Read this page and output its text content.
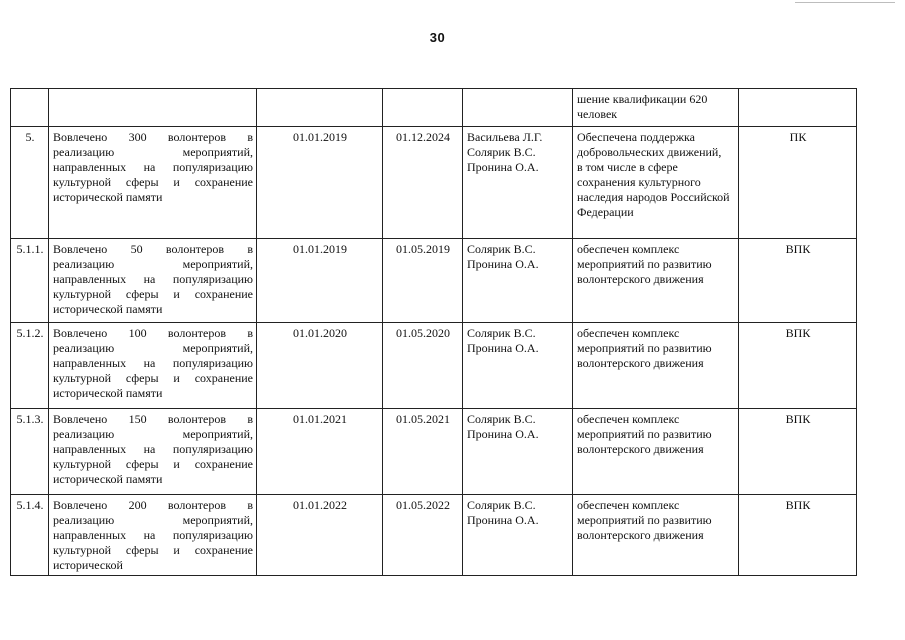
30

					шение квалификации 620
человек	

5.	Вовлечено 300 волонтеров в реализацию мероприятий, направленных на популяризацию культурной сферы и сохранение исторической памяти	01.01.2019	01.12.2024	Васильева Л.Г.
Солярик В.С.
Пронина О.А.	Обеспечена поддержка добровольческих движений,
в том числе в сфере сохранения культурного наследия народов Российской Федерации	ПК
5.1.1.	Вовлечено 50 волонтеров в реализацию мероприятий, направленных на популяризацию культурной сферы и сохранение исторической памяти	01.01.2019	01.05.2019	Солярик В.С.
Пронина О.А.	обеспечен комплекс мероприятий по развитию волонтерского движения	ВПК
5.1.2.	Вовлечено 100 волонтеров в реализацию мероприятий, направленных на популяризацию культурной сферы и сохранение исторической памяти	01.01.2020	01.05.2020	Солярик В.С.
Пронина О.А.	обеспечен комплекс мероприятий по развитию волонтерского движения	ВПК
5.1.3.	Вовлечено 150 волонтеров в реализацию мероприятий, направленных на популяризацию культурной сферы и сохранение исторической памяти	01.01.2021	01.05.2021	Солярик В.С.
Пронина О.А.	обеспечен комплекс мероприятий по развитию волонтерского движения	ВПК
5.1.4.	Вовлечено 200 волонтеров в реализацию мероприятий, направленных на популяризацию культурной сферы и сохранение исторической	01.01.2022	01.05.2022	Солярик В.С.
Пронина О.А.	обеспечен комплекс мероприятий по развитию волонтерского движения	ВПК
